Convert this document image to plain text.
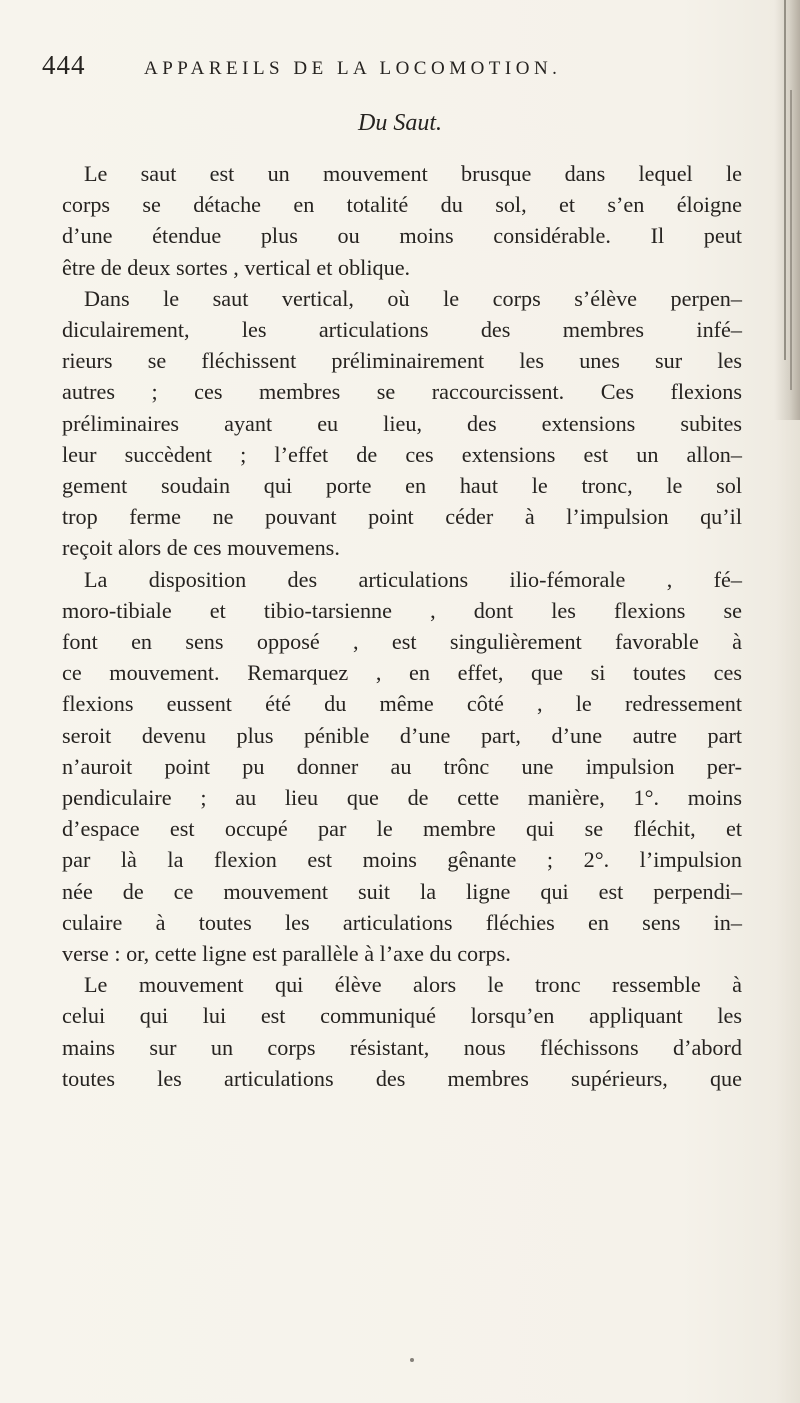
444	APPAREILS DE LA LOCOMOTION.
Du Saut.
Le saut est un mouvement brusque dans lequel le
corps se détache en totalité du sol, et s’en éloigne
d’une étendue plus ou moins considérable. Il peut
être de deux sortes , vertical et oblique.
Dans le saut vertical, où le corps s’élève perpen–
diculairement, les articulations des membres infé–
rieurs se fléchissent préliminairement les unes sur les
autres ; ces membres se raccourcissent. Ces flexions
préliminaires ayant eu lieu, des extensions subites
leur succèdent ; l’effet de ces extensions est un allon–
gement soudain qui porte en haut le tronc, le sol
trop ferme ne pouvant point céder à l’impulsion qu’il
reçoit alors de ces mouvemens.
La disposition des articulations ilio-fémorale , fé–
moro-tibiale et tibio-tarsienne , dont les flexions se
font en sens opposé , est singulièrement favorable à
ce mouvement. Remarquez , en effet, que si toutes ces
flexions eussent été du même côté , le redressement
seroit devenu plus pénible d’une part, d’une autre part
n’auroit point pu donner au trônc une impulsion per-
pendiculaire ; au lieu que de cette manière, 1°. moins
d’espace est occupé par le membre qui se fléchit, et
par là la flexion est moins gênante ; 2°. l’impulsion
née de ce mouvement suit la ligne qui est perpendi–
culaire à toutes les articulations fléchies en sens in–
verse : or, cette ligne est parallèle à l’axe du corps.
Le mouvement qui élève alors le tronc ressemble à
celui qui lui est communiqué lorsqu’en appliquant les
mains sur un corps résistant, nous fléchissons d’abord
toutes les articulations des membres supérieurs, que
